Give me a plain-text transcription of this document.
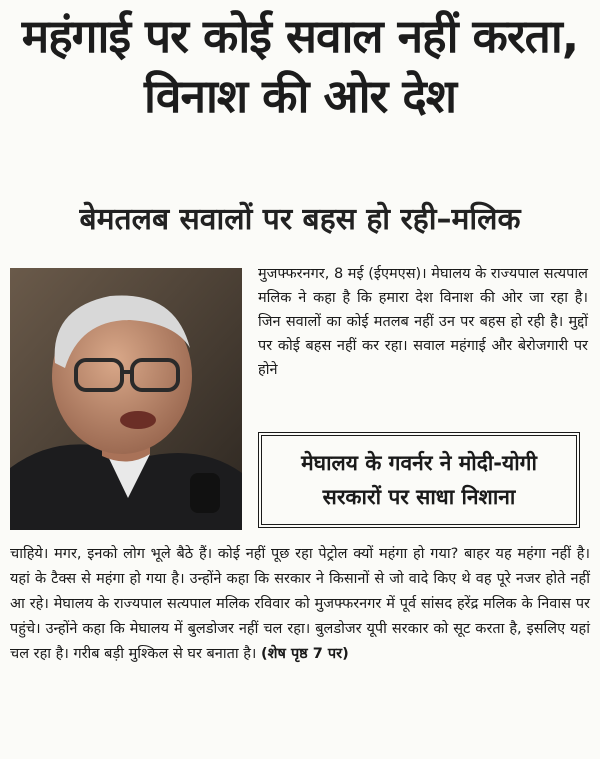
महंगाई पर कोई सवाल नहीं करता, विनाश की ओर देश
बेमतलब सवालों पर बहस हो रही–मलिक

मुजफ्फरनगर, 8 मई (ईएमएस)। मेघालय के राज्यपाल सत्यपाल मलिक ने कहा है कि हमारा देश विनाश की ओर जा रहा है। जिन सवालों का कोई मतलब नहीं उन पर बहस हो रही है। मुद्दों पर कोई बहस नहीं कर रहा। सवाल महंगाई और बेरोजगारी पर होने

मेघालय के गवर्नर ने मोदी-योगी सरकारों पर साधा निशाना

चाहिये। मगर, इनको लोग भूले बैठे हैं। कोई नहीं पूछ रहा पेट्रोल क्यों महंगा हो गया? बाहर यह महंगा नहीं है। यहां के टैक्स से महंगा हो गया है। उन्होंने कहा कि सरकार ने किसानों से जो वादे किए थे वह पूरे नजर होते नहीं आ रहे। मेघालय के राज्यपाल सत्यपाल मलिक रविवार को मुजफ्फरनगर में पूर्व सांसद हरेंद्र मलिक के निवास पर पहुंचे। उन्होंने कहा कि मेघालय में बुलडोजर नहीं चल रहा। बुलडोजर यूपी सरकार को सूट करता है, इसलिए यहां चल रहा है। गरीब बड़ी मुश्किल से घर बनाता है। (शेष पृष्ठ 7 पर)
